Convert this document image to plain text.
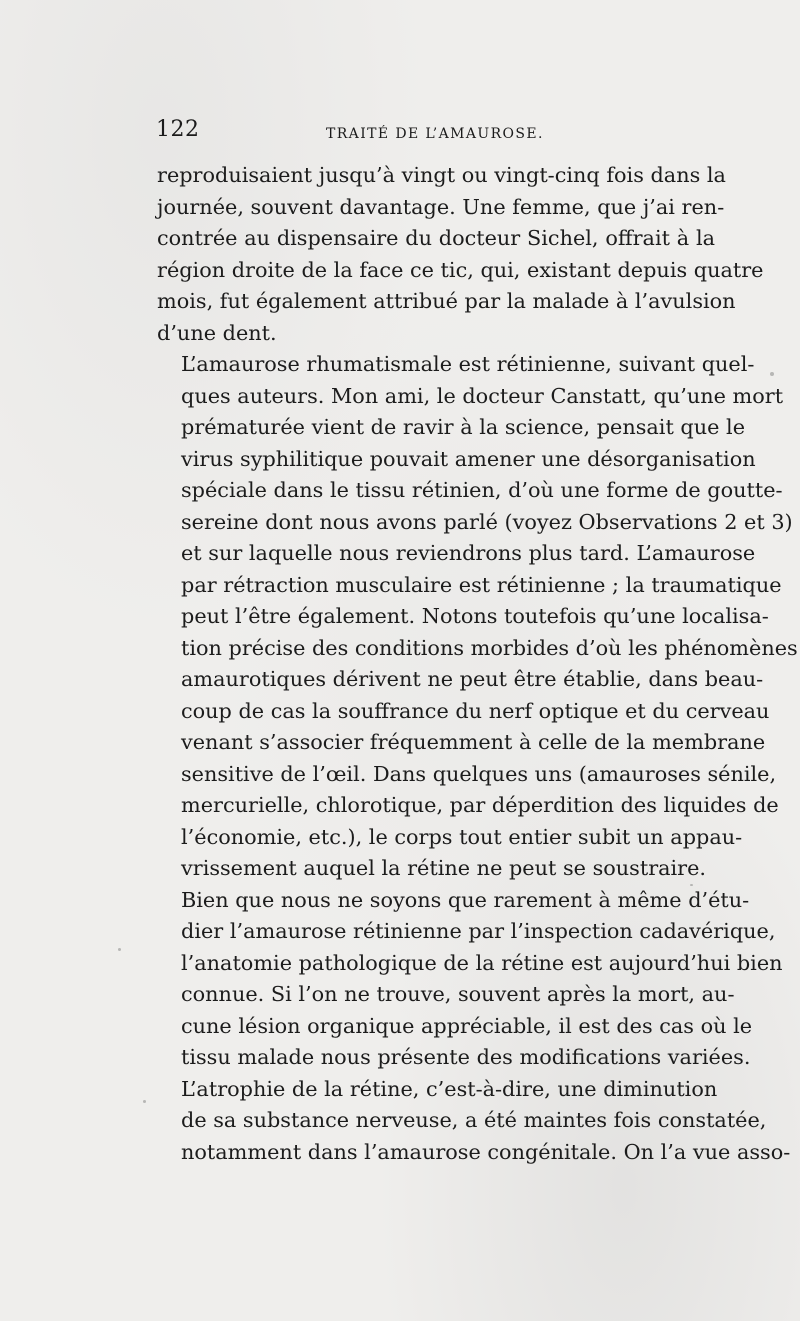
122	TRAITÉ DE L’AMAUROSE.

reproduisaient jusqu’à vingt ou vingt-cinq fois dans la
journée, souvent davantage. Une femme, que j’ai ren-
contrée au dispensaire du docteur Sichel, offrait à la
région droite de la face ce tic, qui, existant depuis quatre
mois, fut également attribué par la malade à l’avulsion
d’une dent.

L’amaurose rhumatismale est rétinienne, suivant quel-
ques auteurs. Mon ami, le docteur Canstatt, qu’une mort
prématurée vient de ravir à la science, pensait que le
virus syphilitique pouvait amener une désorganisation
spéciale dans le tissu rétinien, d’où une forme de goutte-
sereine dont nous avons parlé (voyez Observations 2 et 3)
et sur laquelle nous reviendrons plus tard. L’amaurose
par rétraction musculaire est rétinienne ; la traumatique
peut l’être également. Notons toutefois qu’une localisa-
tion précise des conditions morbides d’où les phénomènes
amaurotiques dérivent ne peut être établie, dans beau-
coup de cas la souffrance du nerf optique et du cerveau
venant s’associer fréquemment à celle de la membrane
sensitive de l’œil. Dans quelques uns (amauroses sénile,
mercurielle, chlorotique, par déperdition des liquides de
l’économie, etc.), le corps tout entier subit un appau-
vrissement auquel la rétine ne peut se soustraire.

Bien que nous ne soyons que rarement à même d’étu-
dier l’amaurose rétinienne par l’inspection cadavérique,
l’anatomie pathologique de la rétine est aujourd’hui bien
connue. Si l’on ne trouve, souvent après la mort, au-
cune lésion organique appréciable, il est des cas où le
tissu malade nous présente des modifications variées.

L’atrophie de la rétine, c’est-à-dire, une diminution
de sa substance nerveuse, a été maintes fois constatée,
notamment dans l’amaurose congénitale. On l’a vue asso-
